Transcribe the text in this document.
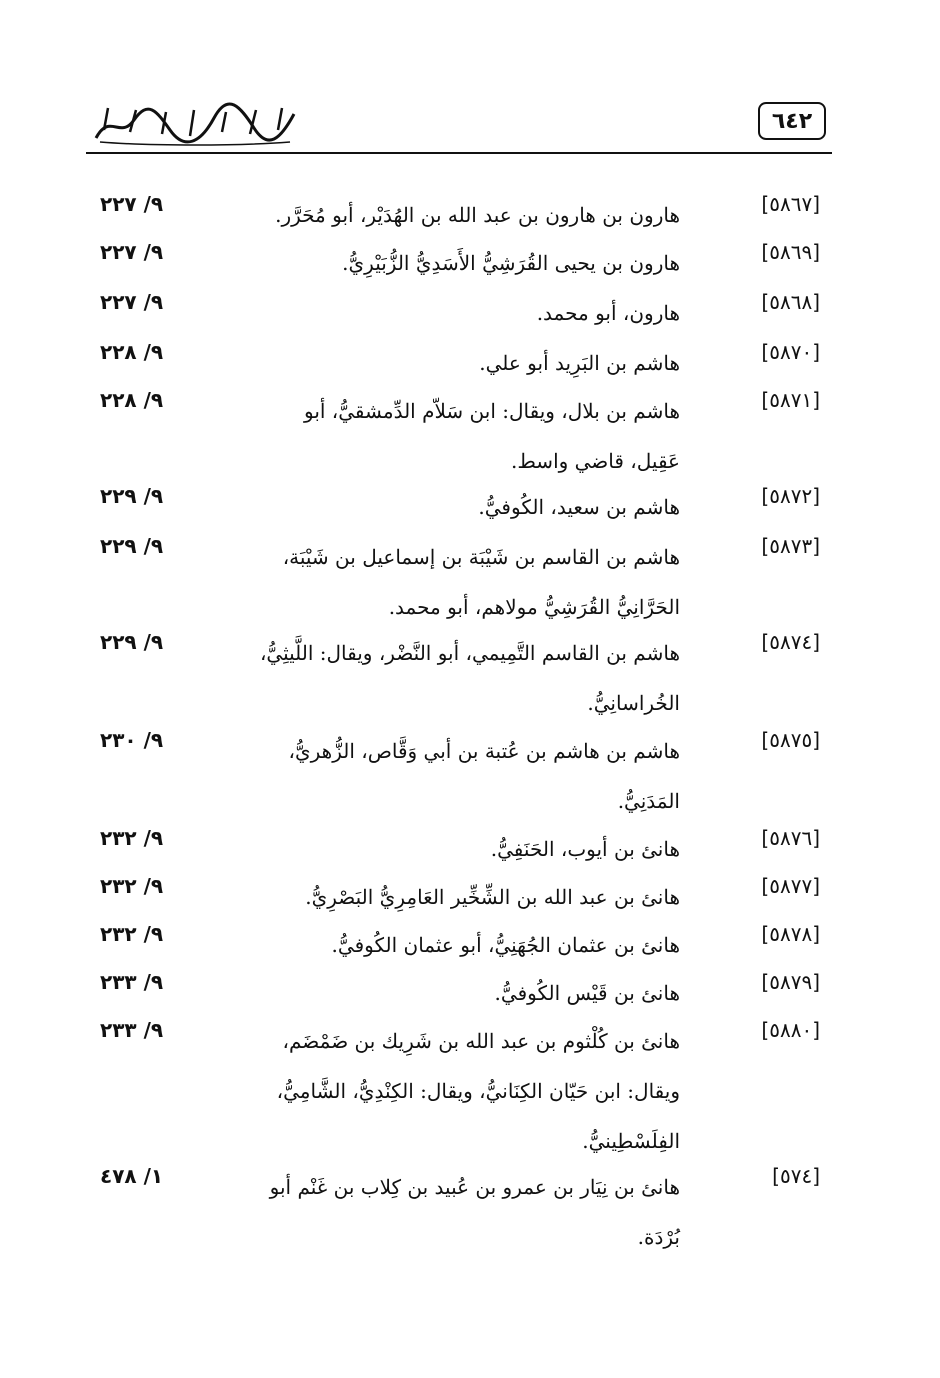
٦٤٢
[٥٨٦٧]
هارون بن هارون بن عبد الله بن الهُدَيْر، أبو مُحَرَّر.
٩/ ٢٢٧
[٥٨٦٩]
هارون بن يحيى القُرَشِيُّ الأَسَدِيُّ الزُّبَيْرِيُّ.
٩/ ٢٢٧
[٥٨٦٨]
هارون، أبو محمد.
٩/ ٢٢٧
[٥٨٧٠]
هاشم بن البَرِيد أبو علي.
٩/ ٢٢٨
[٥٨٧١]
هاشم بن بلال، ويقال: ابن سَلاّم الدِّمشقيُّ، أبو عَقِيل، قاضي واسط.
٩/ ٢٢٨
[٥٨٧٢]
هاشم بن سعيد، الكُوفيُّ.
٩/ ٢٢٩
[٥٨٧٣]
هاشم بن القاسم بن شَيْبَة بن إسماعيل بن شَيْبَة، الحَرَّانِيُّ القُرَشِيُّ مولاهم، أبو محمد.
٩/ ٢٢٩
[٥٨٧٤]
هاشم بن القاسم التَّمِيمي، أبو النَّضْر، ويقال: اللَّيثِيُّ، الخُراسانِيُّ.
٩/ ٢٢٩
[٥٨٧٥]
هاشم بن هاشم بن عُتبة بن أبي وَقَّاص، الزُّهريُّ، المَدَنِيُّ.
٩/ ٢٣٠
[٥٨٧٦]
هانئ بن أيوب، الحَنَفِيُّ.
٩/ ٢٣٢
[٥٨٧٧]
هانئ بن عبد الله بن الشِّخِّير العَامِرِيُّ البَصْرِيُّ.
٩/ ٢٣٢
[٥٨٧٨]
هانئ بن عثمان الجُهَنِيُّ، أبو عثمان الكُوفيُّ.
٩/ ٢٣٢
[٥٨٧٩]
هانئ بن قَيْس الكُوفيُّ.
٩/ ٢٣٣
[٥٨٨٠]
هانئ بن كُلْثوم بن عبد الله بن شَرِيك بن ضَمْضَم، ويقال: ابن حَيّان الكِنَانيُّ، ويقال: الكِنْدِيُّ، الشَّامِيُّ، الفِلَسْطِينيُّ.
٩/ ٢٣٣
[٥٧٤]
هانئ بن نِيَار بن عمرو بن عُبيد بن كِلاب بن غَنْم أبو بُرْدَة.
١/ ٤٧٨
